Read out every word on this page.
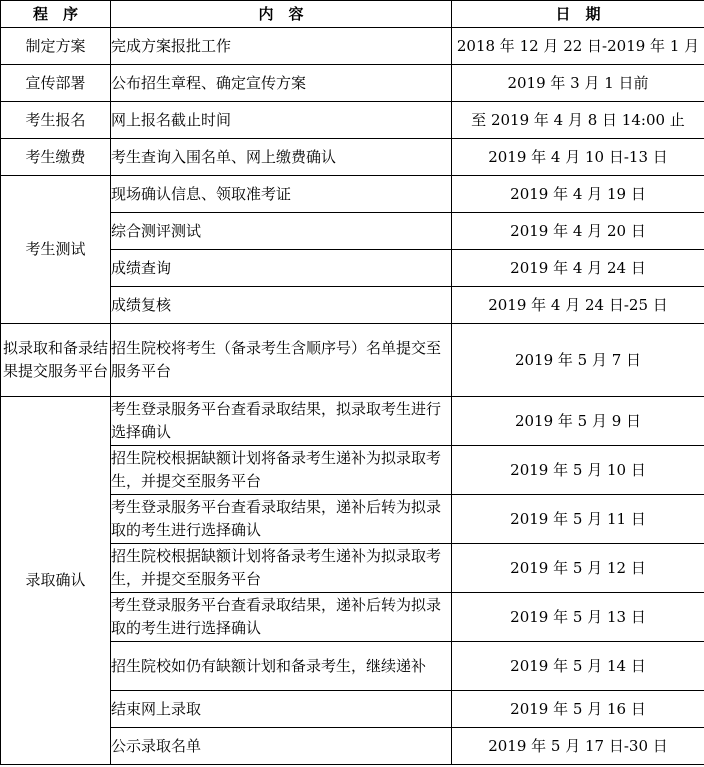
程　序	内　容	日　期
制定方案	完成方案报批工作	2018 年 12 月 22 日-2019 年 1 月
宣传部署	公布招生章程、确定宣传方案	2019 年 3 月 1 日前
考生报名	网上报名截止时间	至 2019 年 4 月 8 日 14:00 止
考生缴费	考生查询入围名单、网上缴费确认	2019 年 4 月 10 日-13 日
考生测试	现场确认信息、领取准考证	2019 年 4 月 19 日
	综合测评测试	2019 年 4 月 20 日
	成绩查询	2019 年 4 月 24 日
	成绩复核	2019 年 4 月 24 日-25 日
拟录取和备录结果提交服务平台	招生院校将考生（备录考生含顺序号）名单提交至服务平台	2019 年 5 月 7 日
录取确认	考生登录服务平台查看录取结果，拟录取考生进行选择确认	2019 年 5 月 9 日
	招生院校根据缺额计划将备录考生递补为拟录取考生，并提交至服务平台	2019 年 5 月 10 日
	考生登录服务平台查看录取结果，递补后转为拟录取的考生进行选择确认	2019 年 5 月 11 日
	招生院校根据缺额计划将备录考生递补为拟录取考生，并提交至服务平台	2019 年 5 月 12 日
	考生登录服务平台查看录取结果，递补后转为拟录取的考生进行选择确认	2019 年 5 月 13 日
	招生院校如仍有缺额计划和备录考生，继续递补	2019 年 5 月 14 日
	结束网上录取	2019 年 5 月 16 日
	公示录取名单	2019 年 5 月 17 日-30 日
